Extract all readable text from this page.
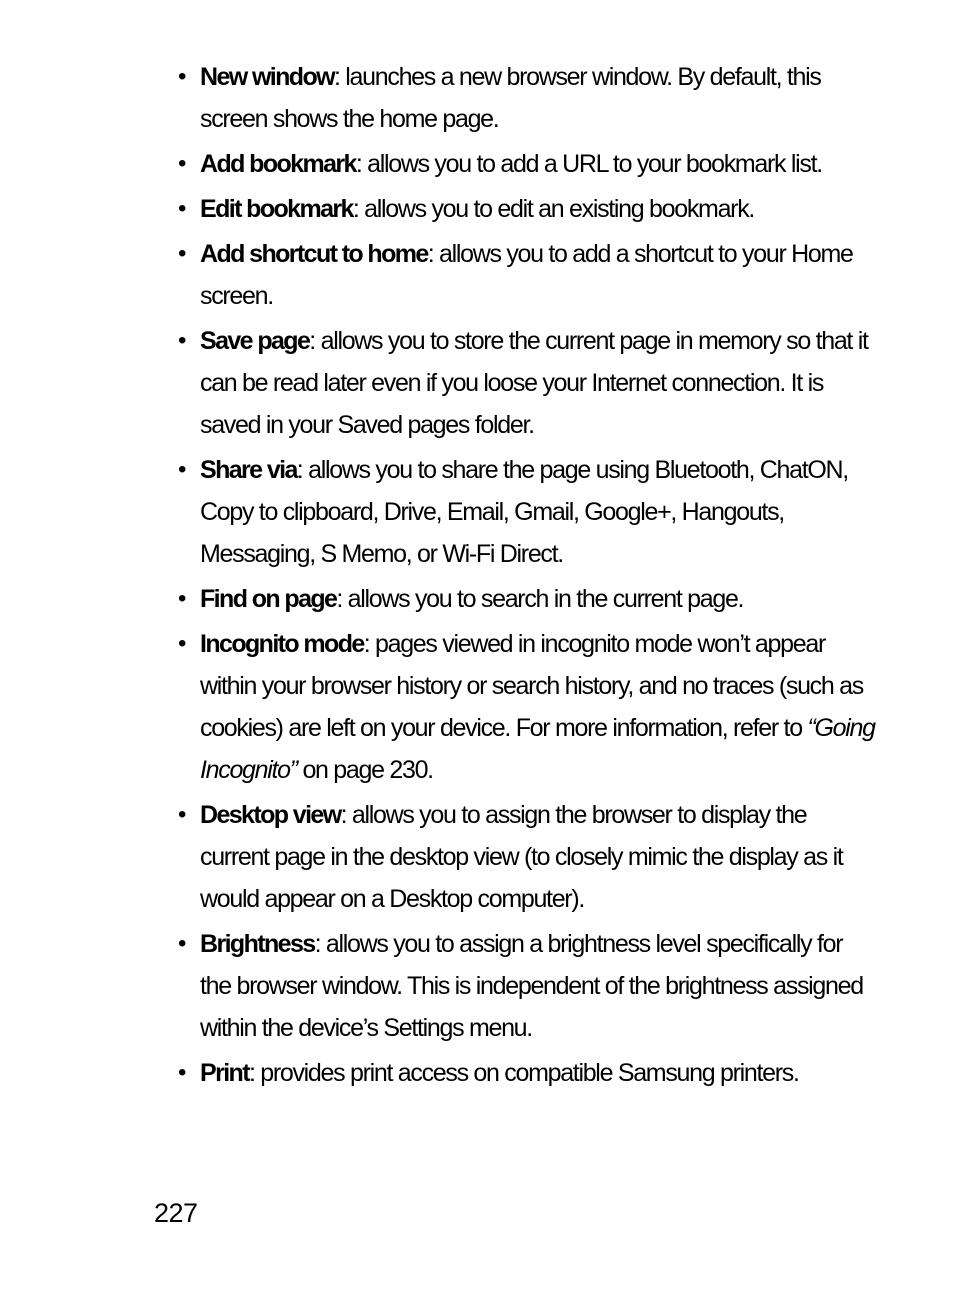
• New window: launches a new browser window. By default, this screen shows the home page.
• Add bookmark: allows you to add a URL to your bookmark list.
• Edit bookmark: allows you to edit an existing bookmark.
• Add shortcut to home: allows you to add a shortcut to your Home screen.
• Save page: allows you to store the current page in memory so that it can be read later even if you loose your Internet connection. It is saved in your Saved pages folder.
• Share via: allows you to share the page using Bluetooth, ChatON, Copy to clipboard, Drive, Email, Gmail, Google+, Hangouts, Messaging, S Memo, or Wi-Fi Direct.
• Find on page: allows you to search in the current page.
• Incognito mode: pages viewed in incognito mode won’t appear within your browser history or search history, and no traces (such as cookies) are left on your device. For more information, refer to “Going Incognito” on page 230.
• Desktop view: allows you to assign the browser to display the current page in the desktop view (to closely mimic the display as it would appear on a Desktop computer).
• Brightness: allows you to assign a brightness level specifically for the browser window. This is independent of the brightness assigned within the device’s Settings menu.
• Print: provides print access on compatible Samsung printers.
227
